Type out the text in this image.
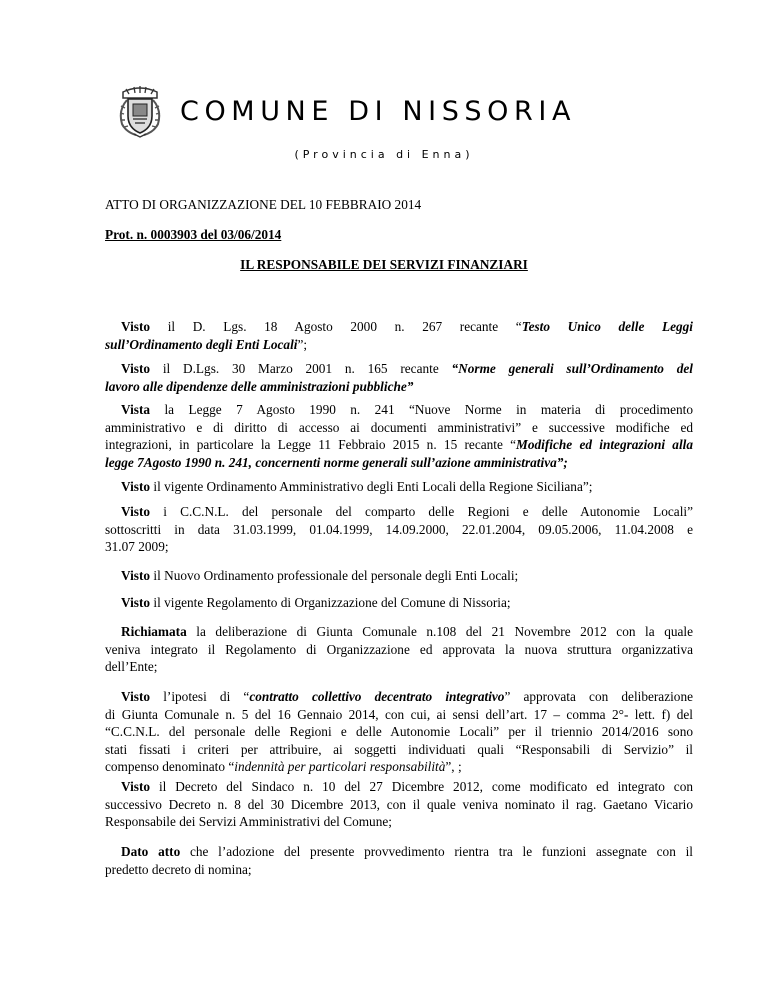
COMUNE DI NISSORIA
(Provincia di Enna)
ATTO DI ORGANIZZAZIONE DEL 10 FEBBRAIO 2014
Prot. n. 0003903 del 03/06/2014
IL RESPONSABILE DEI SERVIZI FINANZIARI
Visto il D. Lgs. 18 Agosto 2000 n. 267 recante “Testo Unico delle Leggi
sull’Ordinamento degli Enti Locali”;
Visto il D.Lgs. 30 Marzo 2001 n. 165 recante “Norme generali sull’Ordinamento del
lavoro alle dipendenze delle amministrazioni pubbliche”
Vista la Legge 7 Agosto 1990 n. 241 “Nuove Norme in materia di procedimento
amministrativo e di diritto di accesso ai documenti amministrativi” e successive modifiche ed
integrazioni, in particolare la Legge 11 Febbraio 2015 n. 15 recante “Modifiche ed integrazioni alla
legge 7Agosto 1990 n. 241, concernenti norme generali sull’azione amministrativa”;
Visto il vigente Ordinamento Amministrativo degli Enti Locali della Regione Siciliana”;
Visto i C.C.N.L. del personale del comparto delle Regioni e delle Autonomie Locali”
sottoscritti in data 31.03.1999, 01.04.1999, 14.09.2000, 22.01.2004, 09.05.2006, 11.04.2008 e
31.07 2009;
Visto il Nuovo Ordinamento professionale del personale degli Enti Locali;
Visto il vigente Regolamento di Organizzazione del Comune di Nissoria;
Richiamata la deliberazione di Giunta Comunale n.108 del 21 Novembre 2012 con la quale
veniva integrato il Regolamento di Organizzazione ed approvata la nuova struttura organizzativa
dell’Ente;
Visto l’ipotesi di “contratto collettivo decentrato integrativo” approvata con deliberazione
di Giunta Comunale n. 5 del 16 Gennaio 2014, con cui, ai sensi dell’art. 17 – comma 2°- lett. f) del
“C.C.N.L. del personale delle Regioni e delle Autonomie Locali” per il triennio 2014/2016 sono
stati fissati i criteri per attribuire, ai soggetti individuati quali “Responsabili di Servizio” il
compenso denominato “indennità per particolari responsabilità”, ;
Visto il Decreto del Sindaco n. 10 del 27 Dicembre 2012, come modificato ed integrato con
successivo Decreto n. 8 del 30 Dicembre 2013, con il quale veniva nominato il rag. Gaetano Vicario
Responsabile dei Servizi Amministrativi del Comune;
Dato atto che l’adozione del presente provvedimento rientra tra le funzioni assegnate con il
predetto decreto di nomina;
